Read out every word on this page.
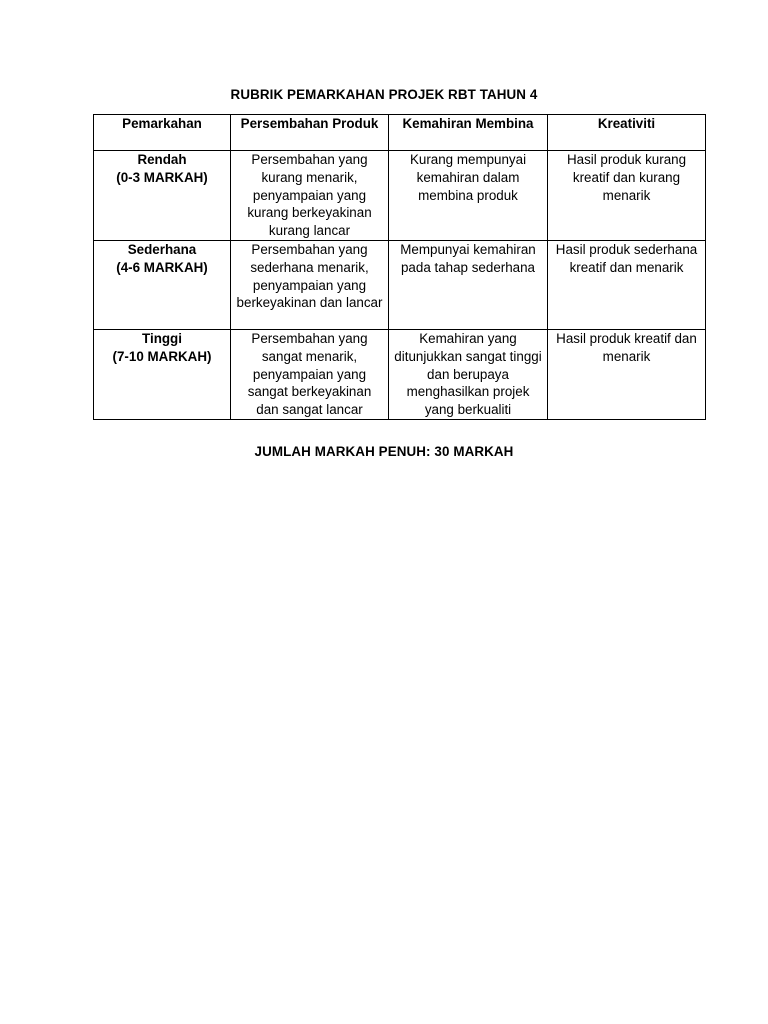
RUBRIK PEMARKAHAN PROJEK RBT TAHUN 4
Pemarkahan	Persembahan Produk	Kemahiran Membina	Kreativiti

Rendah
(0-3 MARKAH)	Persembahan yang kurang menarik, penyampaian yang kurang berkeyakinan kurang lancar	Kurang mempunyai kemahiran dalam membina produk	Hasil produk kurang kreatif dan kurang menarik

Sederhana
(4-6 MARKAH)	Persembahan yang sederhana menarik, penyampaian yang berkeyakinan dan lancar	Mempunyai kemahiran pada tahap sederhana	Hasil produk sederhana kreatif dan menarik

Tinggi
(7-10 MARKAH)	Persembahan yang sangat menarik, penyampaian yang sangat berkeyakinan dan sangat lancar	Kemahiran yang ditunjukkan sangat tinggi dan berupaya menghasilkan projek yang berkualiti	Hasil produk kreatif dan menarik
JUMLAH MARKAH PENUH: 30 MARKAH
